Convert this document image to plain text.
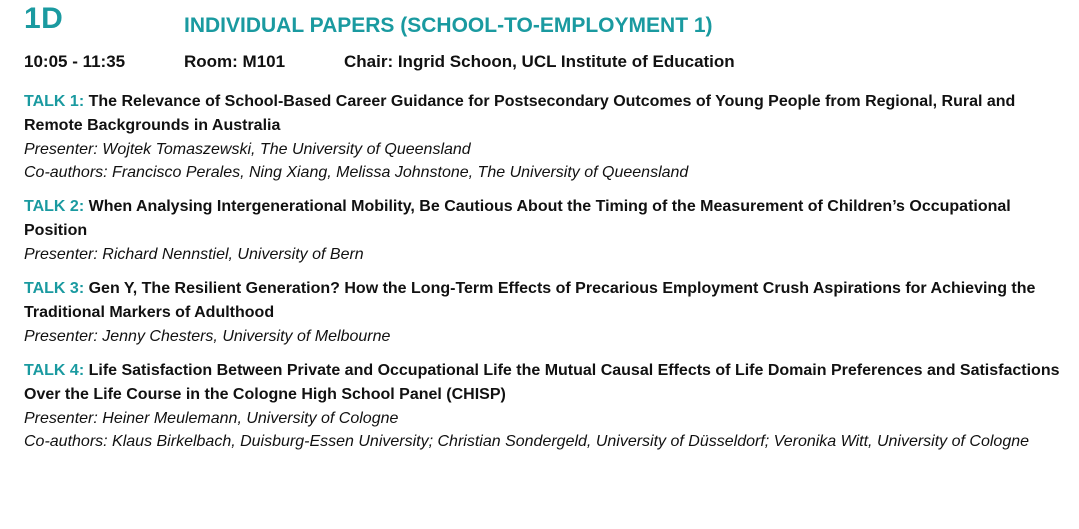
1D	INDIVIDUAL PAPERS (SCHOOL-TO-EMPLOYMENT 1)
10:05 - 11:35	Room: M101	Chair: Ingrid Schoon, UCL Institute of Education
TALK 1: The Relevance of School-Based Career Guidance for Postsecondary Outcomes of Young People from Regional, Rural and Remote Backgrounds in Australia
Presenter: Wojtek Tomaszewski, The University of Queensland
Co-authors: Francisco Perales, Ning Xiang, Melissa Johnstone, The University of Queensland
TALK 2: When Analysing Intergenerational Mobility, Be Cautious About the Timing of the Measurement of Children’s Occupational Position
Presenter: Richard Nennstiel, University of Bern
TALK 3: Gen Y, The Resilient Generation? How the Long-Term Effects of Precarious Employment Crush Aspirations for Achieving the Traditional Markers of Adulthood
Presenter: Jenny Chesters, University of Melbourne
TALK 4: Life Satisfaction Between Private and Occupational Life the Mutual Causal Effects of Life Domain Preferences and Satisfactions Over the Life Course in the Cologne High School Panel (CHISP)
Presenter: Heiner Meulemann, University of Cologne
Co-authors: Klaus Birkelbach, Duisburg-Essen University; Christian Sondergeld, University of Düsseldorf; Veronika Witt, University of Cologne
